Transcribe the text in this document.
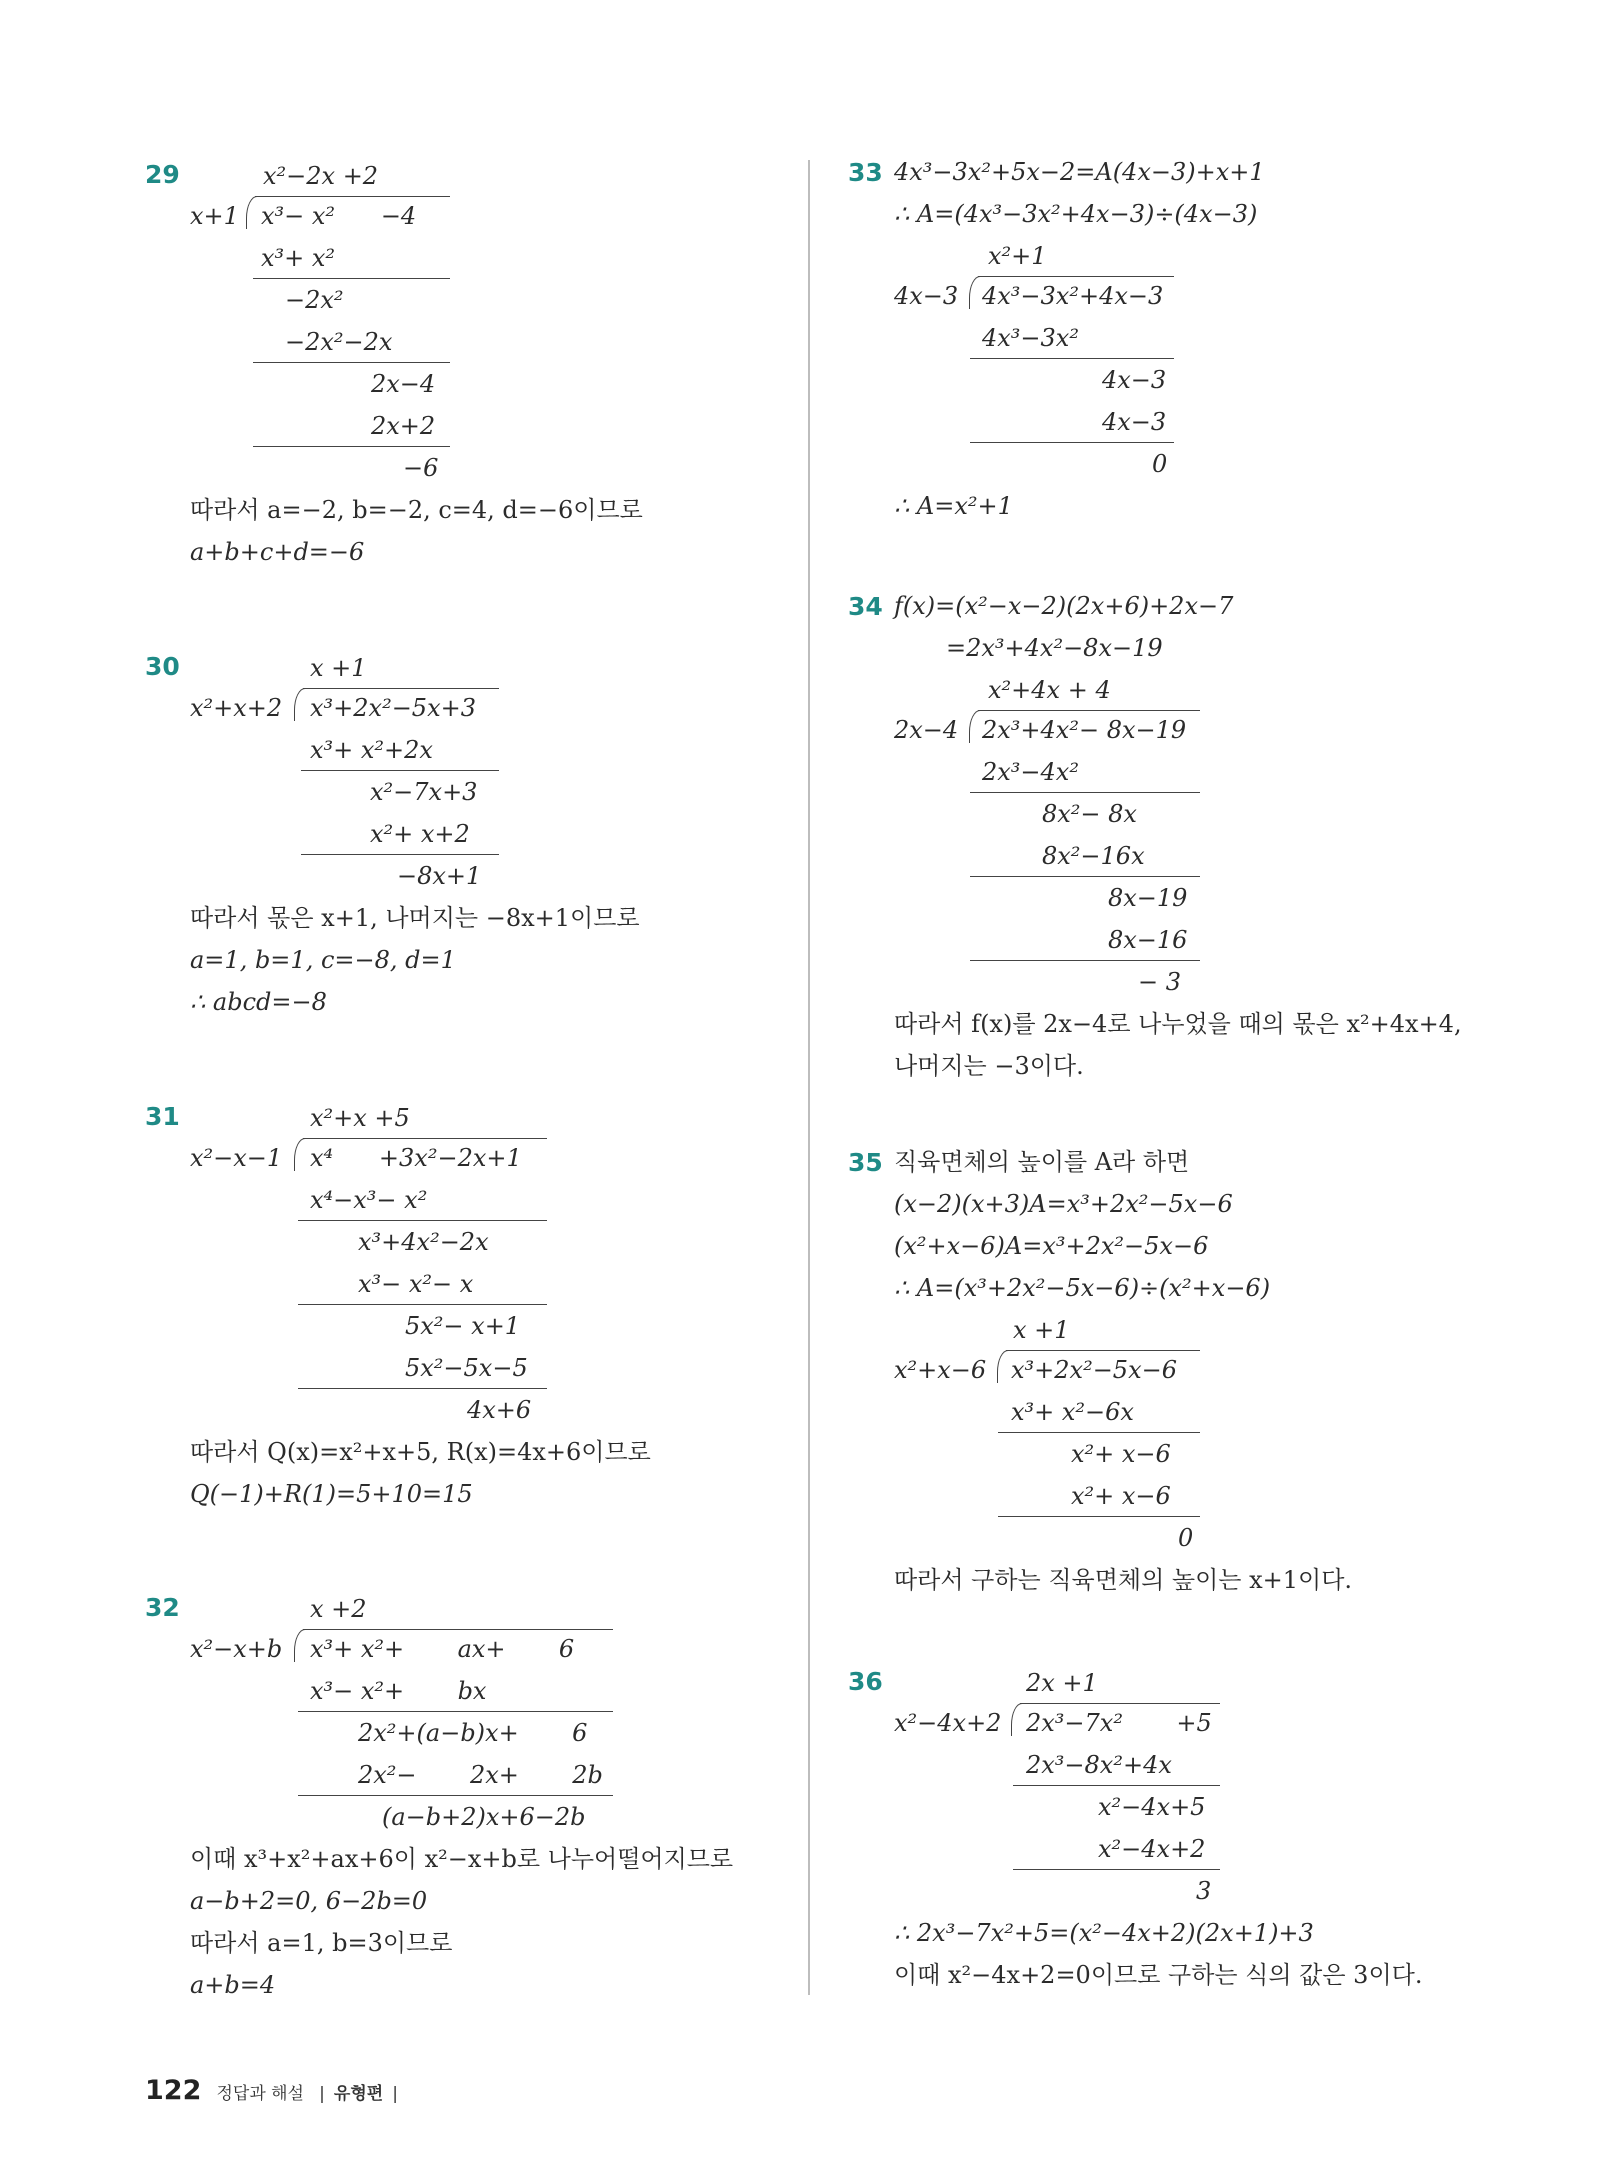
29	x²−2x +2
x+1 x³− x²      −4
x³+ x²
−2x²
−2x²−2x
2x−4
2x+2
−6
따라서 a=−2, b=−2, c=4, d=−6이므로
a+b+c+d=−6
30	x +1
x²+x+2 x³+2x²−5x+3
x³+ x²+2x
x²−7x+3
x²+ x+2
−8x+1
따라서 몫은 x+1, 나머지는 −8x+1이므로
a=1, b=1, c=−8, d=1
∴ abcd=−8
31	x²+x +5
x²−x−1 x⁴      +3x²−2x+1
x⁴−x³− x²
x³+4x²−2x
x³− x²− x
5x²− x+1
5x²−5x−5
4x+6
따라서 Q(x)=x²+x+5, R(x)=4x+6이므로
Q(−1)+R(1)=5+10=15
32	x +2
x²−x+b x³+ x²+       ax+       6
x³− x²+       bx
2x²+(a−b)x+       6
2x²−       2x+       2b
(a−b+2)x+6−2b
이때 x³+x²+ax+6이 x²−x+b로 나누어떨어지므로
a−b+2=0, 6−2b=0
따라서 a=1, b=3이므로
a+b=4
33 4x³−3x²+5x−2=A(4x−3)+x+1
∴ A=(4x³−3x²+4x−3)÷(4x−3)
x²+1
4x−3 4x³−3x²+4x−3
4x³−3x²
4x−3
4x−3
0
∴ A=x²+1
34 f(x)=(x²−x−2)(2x+6)+2x−7
=2x³+4x²−8x−19
x²+4x + 4
2x−4 2x³+4x²− 8x−19
2x³−4x²
8x²− 8x
8x²−16x
8x−19
8x−16
− 3
따라서 f(x)를 2x−4로 나누었을 때의 몫은 x²+4x+4,
나머지는 −3이다.
35 직육면체의 높이를 A라 하면
(x−2)(x+3)A=x³+2x²−5x−6
(x²+x−6)A=x³+2x²−5x−6
∴ A=(x³+2x²−5x−6)÷(x²+x−6)
x +1
x²+x−6 x³+2x²−5x−6
x³+ x²−6x
x²+ x−6
x²+ x−6
0
따라서 구하는 직육면체의 높이는 x+1이다.
36	2x +1
x²−4x+2 2x³−7x²       +5
2x³−8x²+4x
x²−4x+5
x²−4x+2
3
∴ 2x³−7x²+5=(x²−4x+2)(2x+1)+3
이때 x²−4x+2=0이므로 구하는 식의 값은 3이다.
122 정답과 해설 | 유형편 |
